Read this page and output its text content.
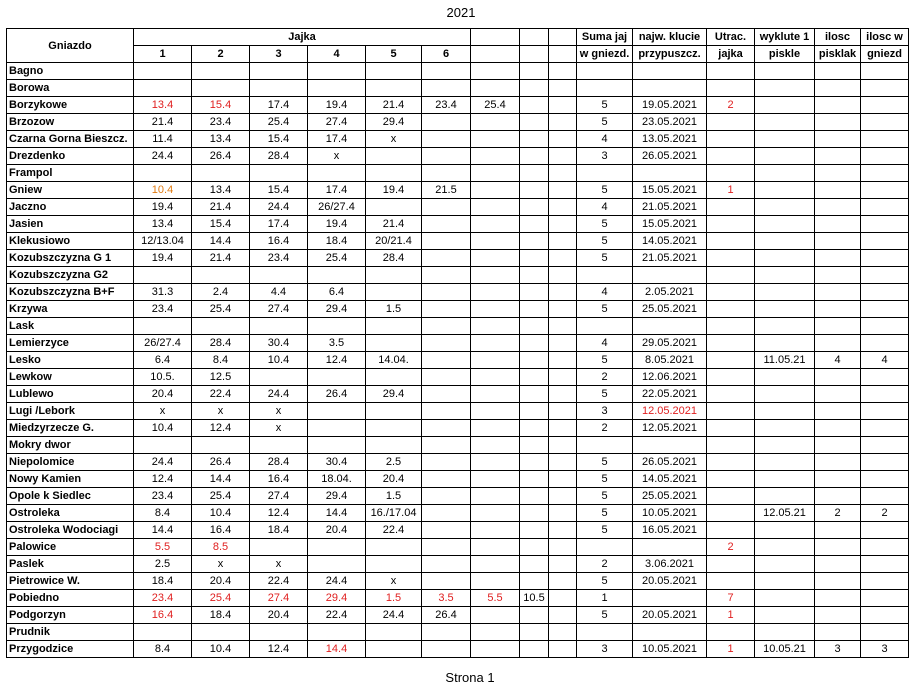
2021
Gniazdo	Jajka									Suma jaj	najw. klucie	Utrac.	wyklute 1	ilosc	ilosc w
	1	2	3	4	5	6				w gniezd.	przypuszcz.	jajka	piskle	pisklak	gniezd
Bagno															
Borowa															
Borzykowe	13.4	15.4	17.4	19.4	21.4	23.4	25.4			5	19.05.2021	2			
Brzozow	21.4	23.4	25.4	27.4	29.4					5	23.05.2021				
Czarna Gorna Bieszcz.	11.4	13.4	15.4	17.4	x					4	13.05.2021				
Drezdenko	24.4	26.4	28.4	x						3	26.05.2021				
Frampol															
Gniew	10.4	13.4	15.4	17.4	19.4	21.5				5	15.05.2021	1			
Jaczno	19.4	21.4	24.4	26/27.4						4	21.05.2021				
Jasien	13.4	15.4	17.4	19.4	21.4					5	15.05.2021				
Klekusiowo	12/13.04	14.4	16.4	18.4	20/21.4					5	14.05.2021				
Kozubszczyzna G 1	19.4	21.4	23.4	25.4	28.4					5	21.05.2021				
Kozubszczyzna G2															
Kozubszczyzna B+F	31.3	2.4	4.4	6.4						4	2.05.2021				
Krzywa	23.4	25.4	27.4	29.4	1.5					5	25.05.2021				
Lask															
Lemierzyce	26/27.4	28.4	30.4	3.5						4	29.05.2021				
Lesko	6.4	8.4	10.4	12.4	14.04.					5	8.05.2021		11.05.21	4	4
Lewkow	10.5.	12.5								2	12.06.2021				
Lublewo	20.4	22.4	24.4	26.4	29.4					5	22.05.2021				
Lugi /Lebork	x	x	x							3	12.05.2021				
Miedzyrzecze G.	10.4	12.4	x							2	12.05.2021				
Mokry dwor															
Niepolomice	24.4	26.4	28.4	30.4	2.5					5	26.05.2021				
Nowy Kamien	12.4	14.4	16.4	18.04.	20.4					5	14.05.2021				
Opole k Siedlec	23.4	25.4	27.4	29.4	1.5					5	25.05.2021				
Ostroleka	8.4	10.4	12.4	14.4	16./17.04					5	10.05.2021		12.05.21	2	2
Ostroleka Wodociagi	14.4	16.4	18.4	20.4	22.4					5	16.05.2021				
Palowice	5.5	8.5										2			
Paslek	2.5	x	x							2	3.06.2021				
Pietrowice W.	18.4	20.4	22.4	24.4	x					5	20.05.2021				
Pobiedno	23.4	25.4	27.4	29.4	1.5	3.5	5.5	10.5		1		7			
Podgorzyn	16.4	18.4	20.4	22.4	24.4	26.4				5	20.05.2021	1			
Prudnik															
Przygodzice	8.4	10.4	12.4	14.4						3	10.05.2021	1	10.05.21	3	3
Strona 1
